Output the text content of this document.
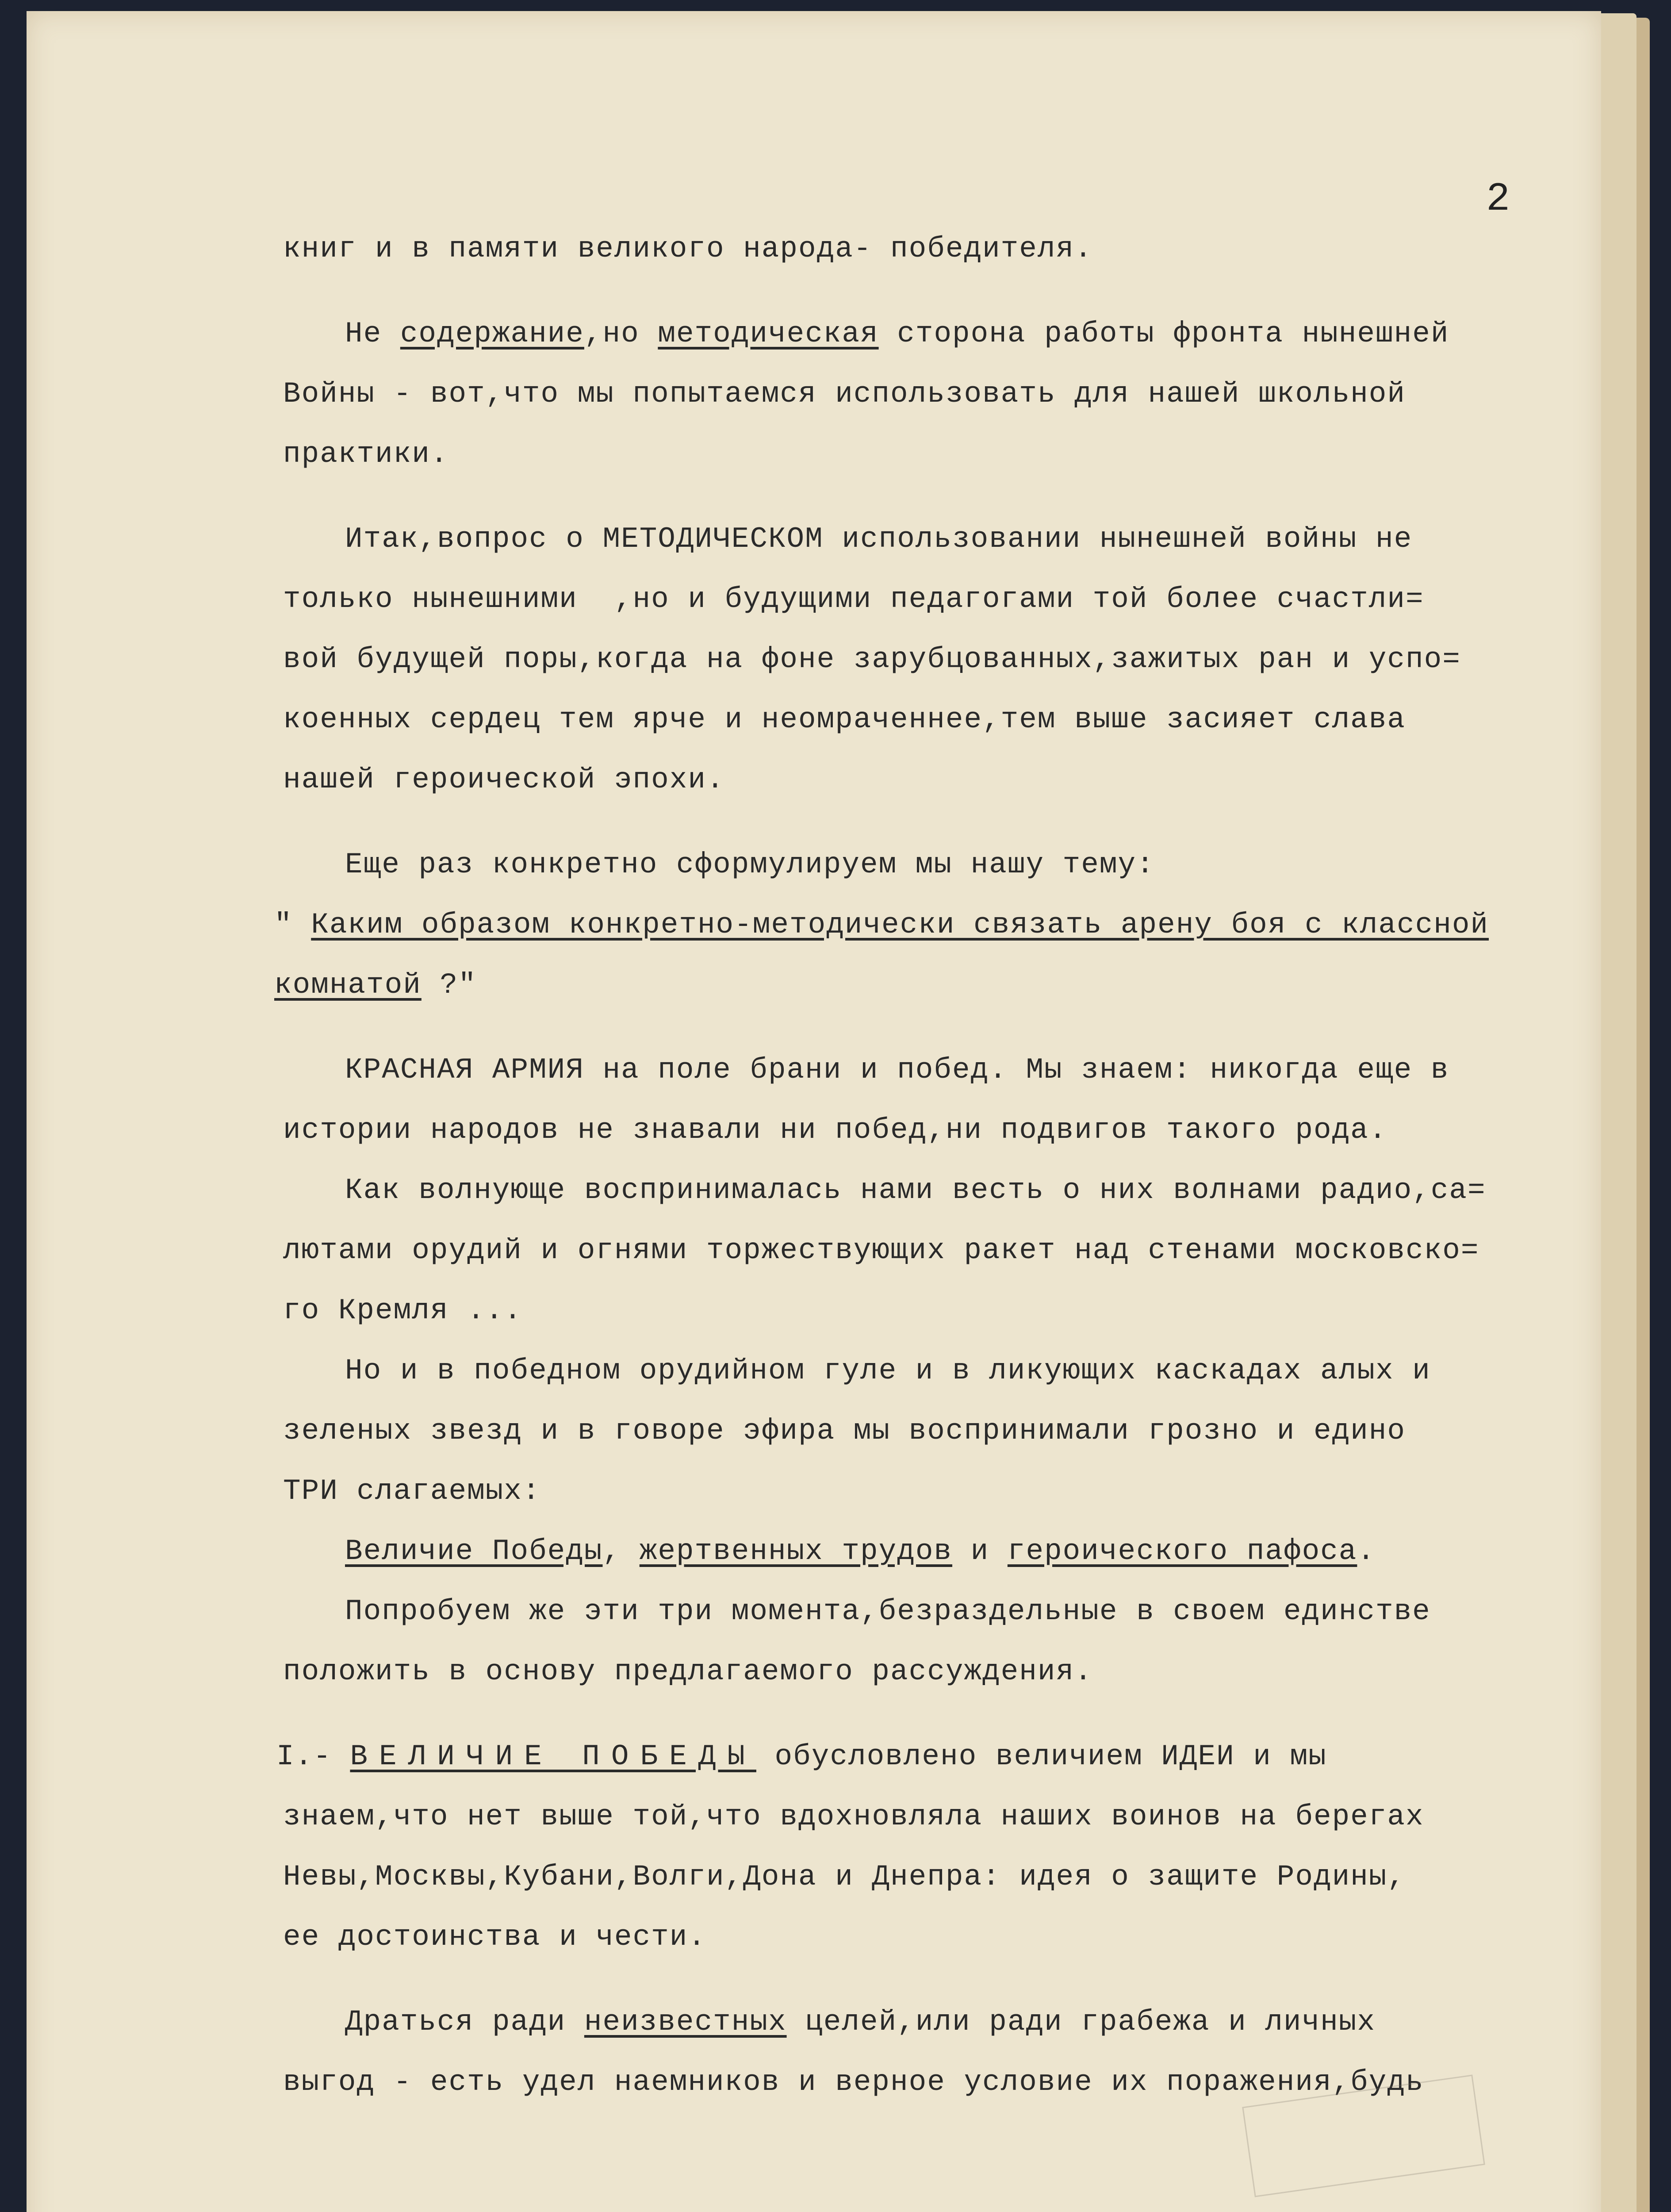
2

книг и в памяти великого народа- победителя.

Не содержание,но методическая сторона работы фронта нынешней

Войны - вот,что мы попытаемся использовать для нашей школьной

практики.

Итак,вопрос о МЕТОДИЧЕСКОМ использовании нынешней войны не

только нынешними  ,но и будущими педагогами той более счастли=

вой будущей поры,когда на фоне зарубцованных,зажитых ран и успо=

коенных сердец тем ярче и неомраченнее,тем выше засияет слава

нашей героической эпохи.

Еще раз конкретно сформулируем мы нашу тему:

" Каким образом конкретно-методически связать арену боя с классной

комнатой ?"

КРАСНАЯ АРМИЯ на поле брани и побед. Мы знаем: никогда еще в

истории народов не знавали ни побед,ни подвигов такого рода.

Как волнующе воспринималась нами весть о них волнами радио,са=

лютами орудий и огнями торжествующих ракет над стенами московско=

го Кремля ...

Но и в победном орудийном гуле и в ликующих каскадах алых и

зеленых звезд и в говоре эфира мы воспринимали грозно и едино

ТРИ слагаемых:

Величие Победы, жертвенных трудов и героического пафоса.

Попробуем же эти три момента,безраздельные в своем единстве

положить в основу предлагаемого рассуждения.

I.- ВЕЛИЧИЕ ПОБЕДЫ обусловлено величием ИДЕИ и мы

знаем,что нет выше той,что вдохновляла наших воинов на берегах

Невы,Москвы,Кубани,Волги,Дона и Днепра: идея о защите Родины,

ее достоинства и чести.

Драться ради неизвестных целей,или ради грабежа и личных

выгод - есть удел наемников и верное условие их поражения,будь
